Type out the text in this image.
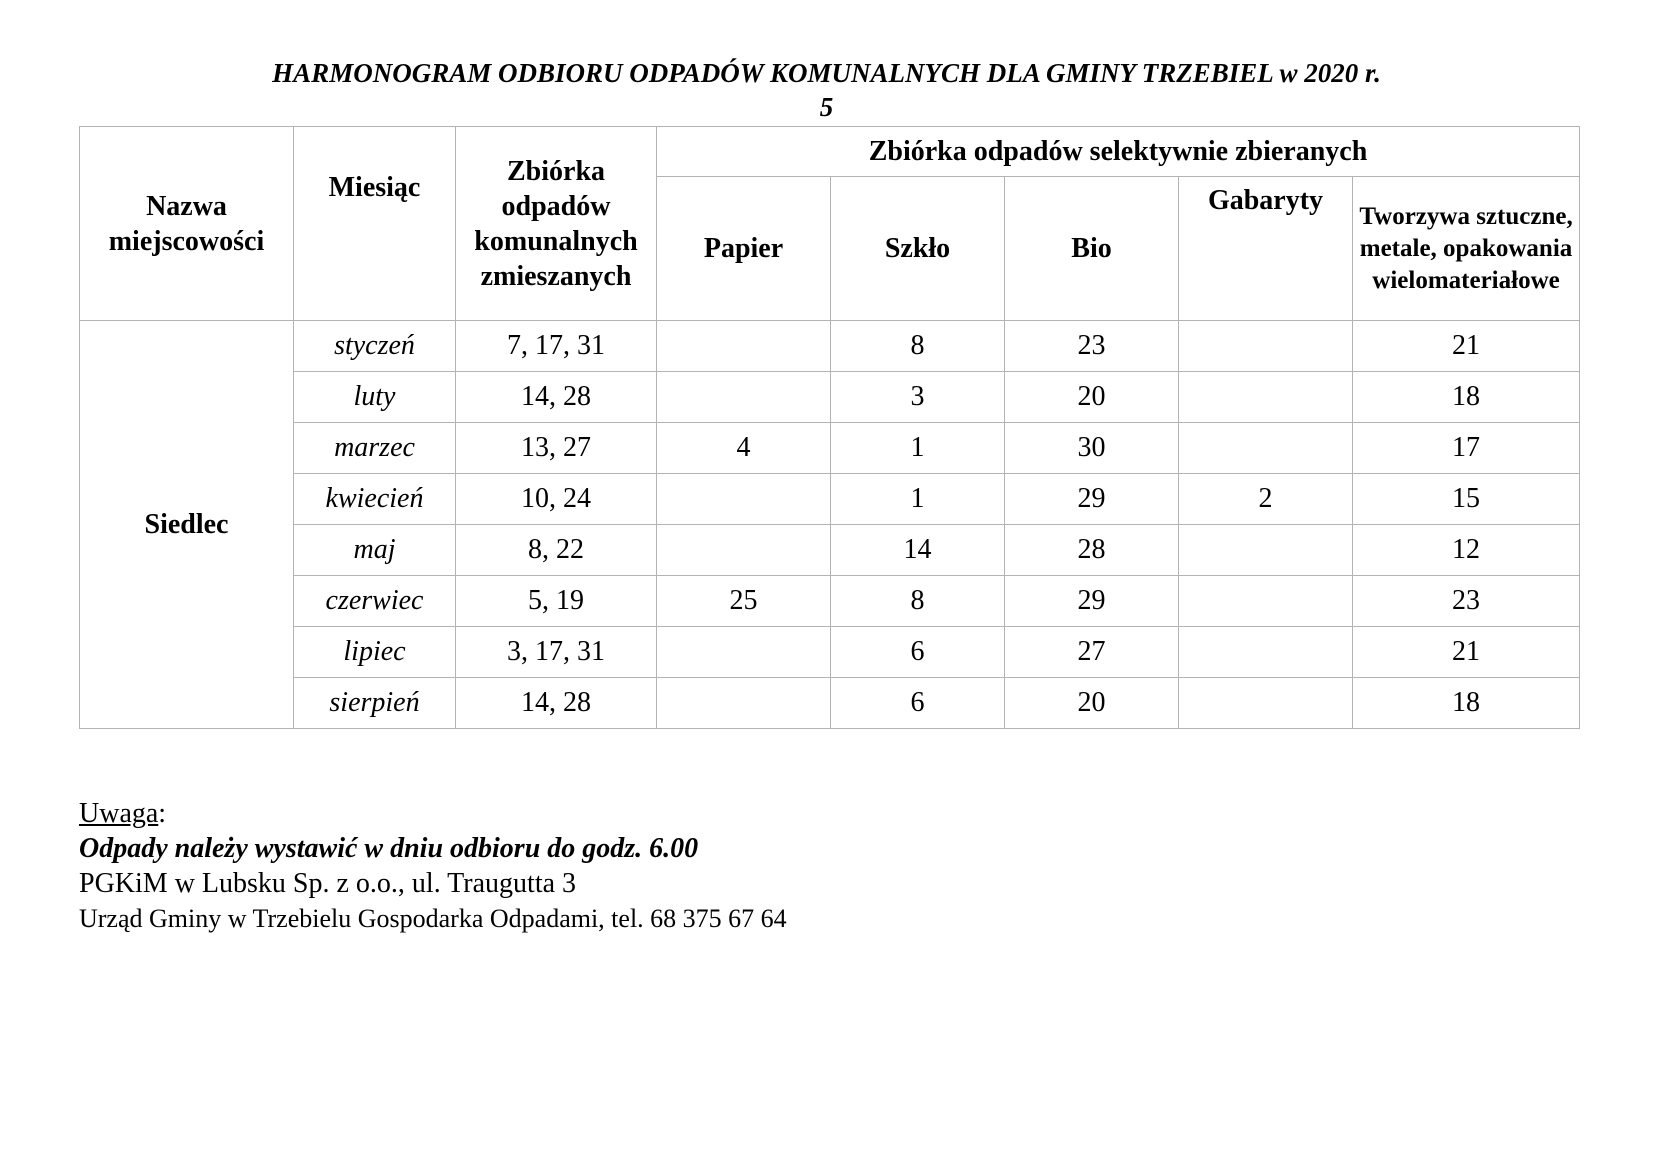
HARMONOGRAM ODBIORU ODPADÓW KOMUNALNYCH DLA GMINY TRZEBIEL w 2020 r.
5
Nazwa miejscowości	Miesiąc	Zbiórka odpadów komunalnych zmieszanych	Zbiórka odpadów selektywnie zbieranych				
			Papier	Szkło	Bio	Gabaryty	Tworzywa sztuczne, metale, opakowania wielomateriałowe
Siedlec	styczeń	7, 17, 31		8	23		21
	luty	14, 28		3	20		18
	marzec	13, 27	4	1	30		17
	kwiecień	10, 24		1	29	2	15
	maj	8, 22		14	28		12
	czerwiec	5, 19	25	8	29		23
	lipiec	3, 17, 31		6	27		21
	sierpień	14, 28		6	20		18
Uwaga:
Odpady należy wystawić w dniu odbioru do godz. 6.00
PGKiM w Lubsku Sp. z o.o., ul. Traugutta 3
Urząd Gminy w Trzebielu Gospodarka Odpadami, tel. 68 375 67 64
